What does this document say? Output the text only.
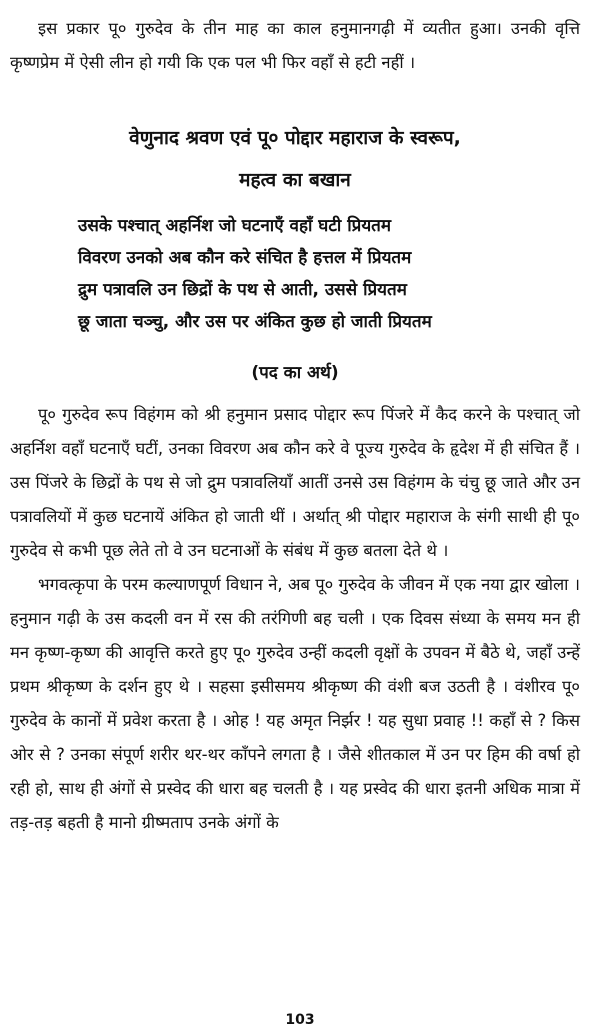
इस प्रकार पू० गुरुदेव के तीन माह का काल हनुमानगढ़ी में व्यतीत हुआ। उनकी वृत्ति कृष्णप्रेम में ऐसी लीन हो गयी कि एक पल भी फिर वहाँ से हटी नहीं ।

वेणुनाद श्रवण एवं पू० पोद्दार महाराज के स्वरूप,

महत्व का बखान

उसके पश्चात् अहर्निश जो घटनाएँ वहाँ घटी प्रियतम
विवरण उनको अब कौन करे संचित है हत्तल में प्रियतम
द्रुम पत्रावलि उन छिद्रों के पथ से आती, उससे प्रियतम
छू जाता चञ्चु, और उस पर अंकित कुछ हो जाती प्रियतम

(पद का अर्थ)

पू० गुरुदेव रूप विहंगम को श्री हनुमान प्रसाद पोद्दार रूप पिंजरे में कैद करने के पश्चात् जो अहर्निश वहाँ घटनाएँ घटीं, उनका विवरण अब कौन करे वे पूज्य गुरुदेव के हृदेश में ही संचित हैं । उस पिंजरे के छिद्रों के पथ से जो द्रुम पत्रावलियाँ आतीं उनसे उस विहंगम के चंचु छू जाते और उन पत्रावलियों में कुछ घटनायें अंकित हो जाती थीं । अर्थात् श्री पोद्दार महाराज के संगी साथी ही पू० गुरुदेव से कभी पूछ लेते तो वे उन घटनाओं के संबंध में कुछ बतला देते थे ।

भगवत्कृपा के परम कल्याणपूर्ण विधान ने, अब पू० गुरुदेव के जीवन में एक नया द्वार खोला । हनुमान गढ़ी के उस कदली वन में रस की तरंगिणी बह चली । एक दिवस संध्या के समय मन ही मन कृष्ण-कृष्ण की आवृत्ति करते हुए पू० गुरुदेव उन्हीं कदली वृक्षों के उपवन में बैठे थे, जहाँ उन्हें प्रथम श्रीकृष्ण के दर्शन हुए थे । सहसा इसीसमय श्रीकृष्ण की वंशी बज उठती है । वंशीरव पू० गुरुदेव के कानों में प्रवेश करता है । ओह ! यह अमृत निर्झर ! यह सुधा प्रवाह !! कहाँ से ? किस ओर से ? उनका संपूर्ण शरीर थर-थर काँपने लगता है । जैसे शीतकाल में उन पर हिम की वर्षा हो रही हो, साथ ही अंगों से प्रस्वेद की धारा बह चलती है । यह प्रस्वेद की धारा इतनी अधिक मात्रा में तड़-तड़ बहती है मानो ग्रीष्मताप उनके अंगों के

103
